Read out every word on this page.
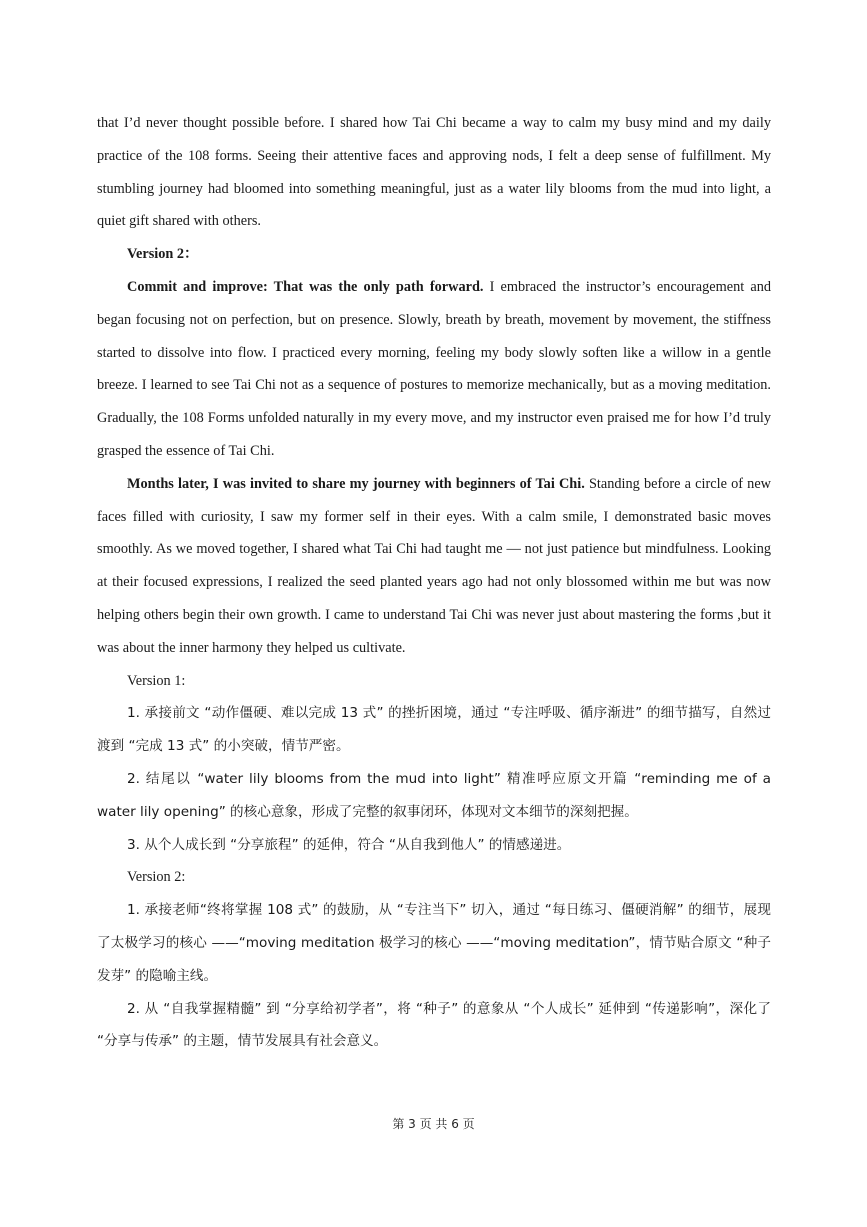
that I’d never thought possible before. I shared how Tai Chi became a way to calm my busy mind and my daily practice of the 108 forms. Seeing their attentive faces and approving nods, I felt a deep sense of fulfillment. My stumbling journey had bloomed into something meaningful, just as a water lily blooms from the mud into light, a quiet gift shared with others.

Version 2：

Commit and improve: That was the only path forward. I embraced the instructor’s encouragement and began focusing not on perfection, but on presence. Slowly, breath by breath, movement by movement, the stiffness started to dissolve into flow. I practiced every morning, feeling my body slowly soften like a willow in a gentle breeze. I learned to see Tai Chi not as a sequence of postures to memorize mechanically, but as a moving meditation. Gradually, the 108 Forms unfolded naturally in my every move, and my instructor even praised me for how I’d truly grasped the essence of Tai Chi.

Months later, I was invited to share my journey with beginners of Tai Chi. Standing before a circle of new faces filled with curiosity, I saw my former self in their eyes. With a calm smile, I demonstrated basic moves smoothly. As we moved together, I shared what Tai Chi had taught me — not just patience but mindfulness. Looking at their focused expressions, I realized the seed planted years ago had not only blossomed within me but was now helping others begin their own growth. I came to understand Tai Chi was never just about mastering the forms ,but it was about the inner harmony they helped us cultivate.

Version 1:

1. 承接前文 “动作僵硬、难以完成 13 式” 的挫折困境，通过 “专注呼吸、循序渐进” 的细节描写，自然过渡到 “完成 13 式” 的小突破，情节严密。

2. 结尾以 “water lily blooms from the mud into light” 精准呼应原文开篇 “reminding me of a water lily opening” 的核心意象，形成了完整的叙事闭环，体现对文本细节的深刻把握。

3. 从个人成长到 “分享旅程” 的延伸，符合 “从自我到他人” 的情感递进。

Version 2:

1. 承接老师“终将掌握 108 式” 的鼓励，从 “专注当下” 切入，通过 “每日练习、僵硬消解” 的细节，展现了太极学习的核心 ——“moving meditation 极学习的核心 ——“moving meditation”，情节贴合原文 “种子发芽” 的隐喻主线。

2. 从 “自我掌握精髓” 到 “分享给初学者”，将 “种子” 的意象从 “个人成长” 延伸到 “传递影响”，深化了 “分享与传承” 的主题，情节发展具有社会意义。

第 3 页 共 6 页
